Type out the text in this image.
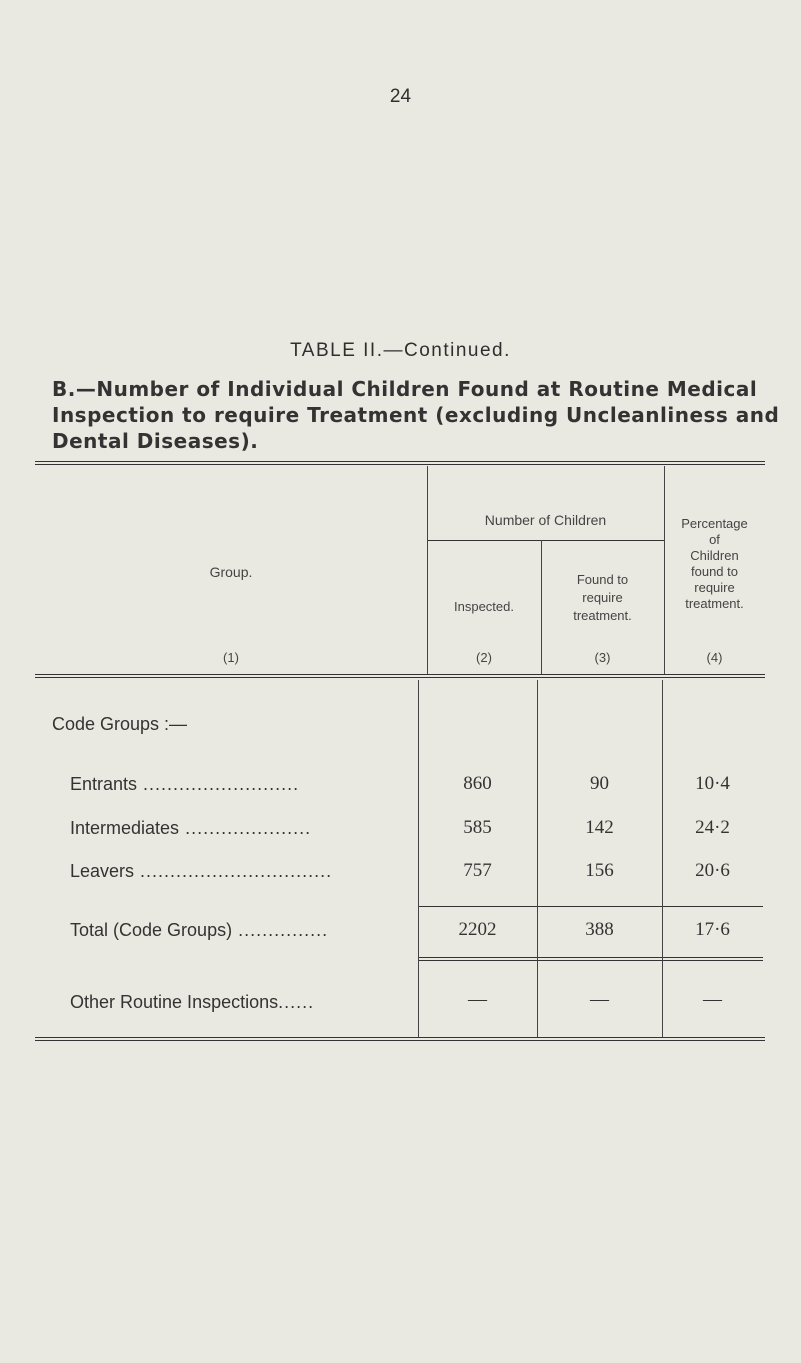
24
TABLE II.—Continued.
B.—Number of Individual Children Found at Routine Medical Inspection to require Treatment (excluding Uncleanliness and Dental Diseases).
Group.
(1)
Number of Children
Inspected.
(2)
Found to
require
treatment.
(3)
Percentage
of
Children
found to
require
treatment.
(4)
Code Groups :—
Entrants ..........................	860	90	10·4
Intermediates .....................	585	142	24·2
Leavers ................................	757	156	20·6
Total (Code Groups) ...............	2202	388	17·6
Other Routine Inspections......	—	—	—
